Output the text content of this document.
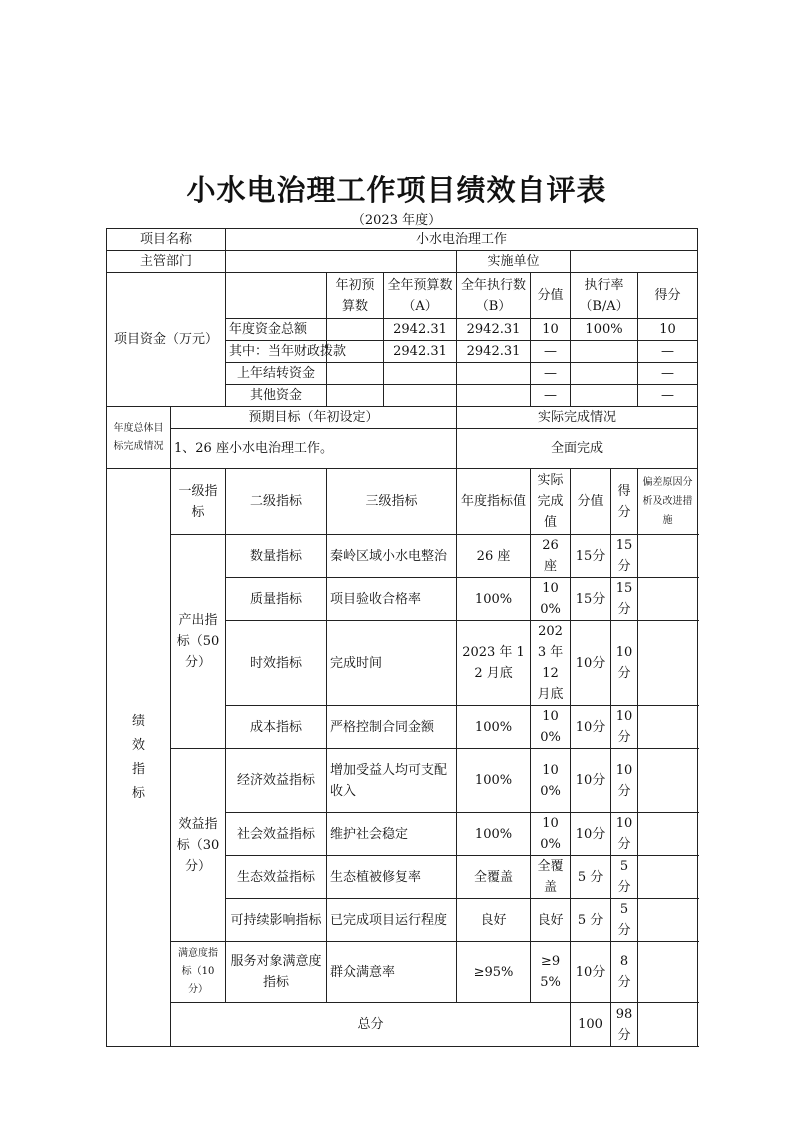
小水电治理工作项目绩效自评表
（2023 年度）
项目名称		小水电治理工作							
主管部门					实施单位				
项目资金（万元）			年初预算数	全年预算数（A）	全年执行数（B）	分值	执行率（B/A）		得分
		年度资金总额		2942.31	2942.31	10	100%		10
		其中：当年财政拨款		2942.31	2942.31	—			—
		上年结转资金				—			—
		其他资金				—			—
年度总体目标完成情况	预期目标（年初设定）				实际完成情况				
	1、26 座小水电治理工作。				全面完成				
绩效指标	一级指标	二级指标	三级指标		年度指标值	实际完成值	分值	得分	偏差原因分析及改进措施
	产出指标（50分）	数量指标	秦岭区域小水电整治		26 座	26 座	15分	15分	
		质量指标	项目验收合格率		100%	100%	15分	15分	
		时效指标	完成时间		2023 年 12 月底	2023 年 12 月底	10分	10分	
		成本指标	严格控制合同金额		100%	100%	10分	10分	
	效益指标（30分）	经济效益指标	增加受益人均可支配收入		100%	100%	10分	10分	
		社会效益指标	维护社会稳定		100%	100%	10分	10分	
		生态效益指标	生态植被修复率		全覆盖	全覆盖	5 分	5 分	
		可持续影响指标	已完成项目运行程度		良好	良好	5 分	5 分	
	满意度指标（10 分）	服务对象满意度指标	群众满意率		≥95%	≥95%	10分	8 分	
	总分						100	98分	
